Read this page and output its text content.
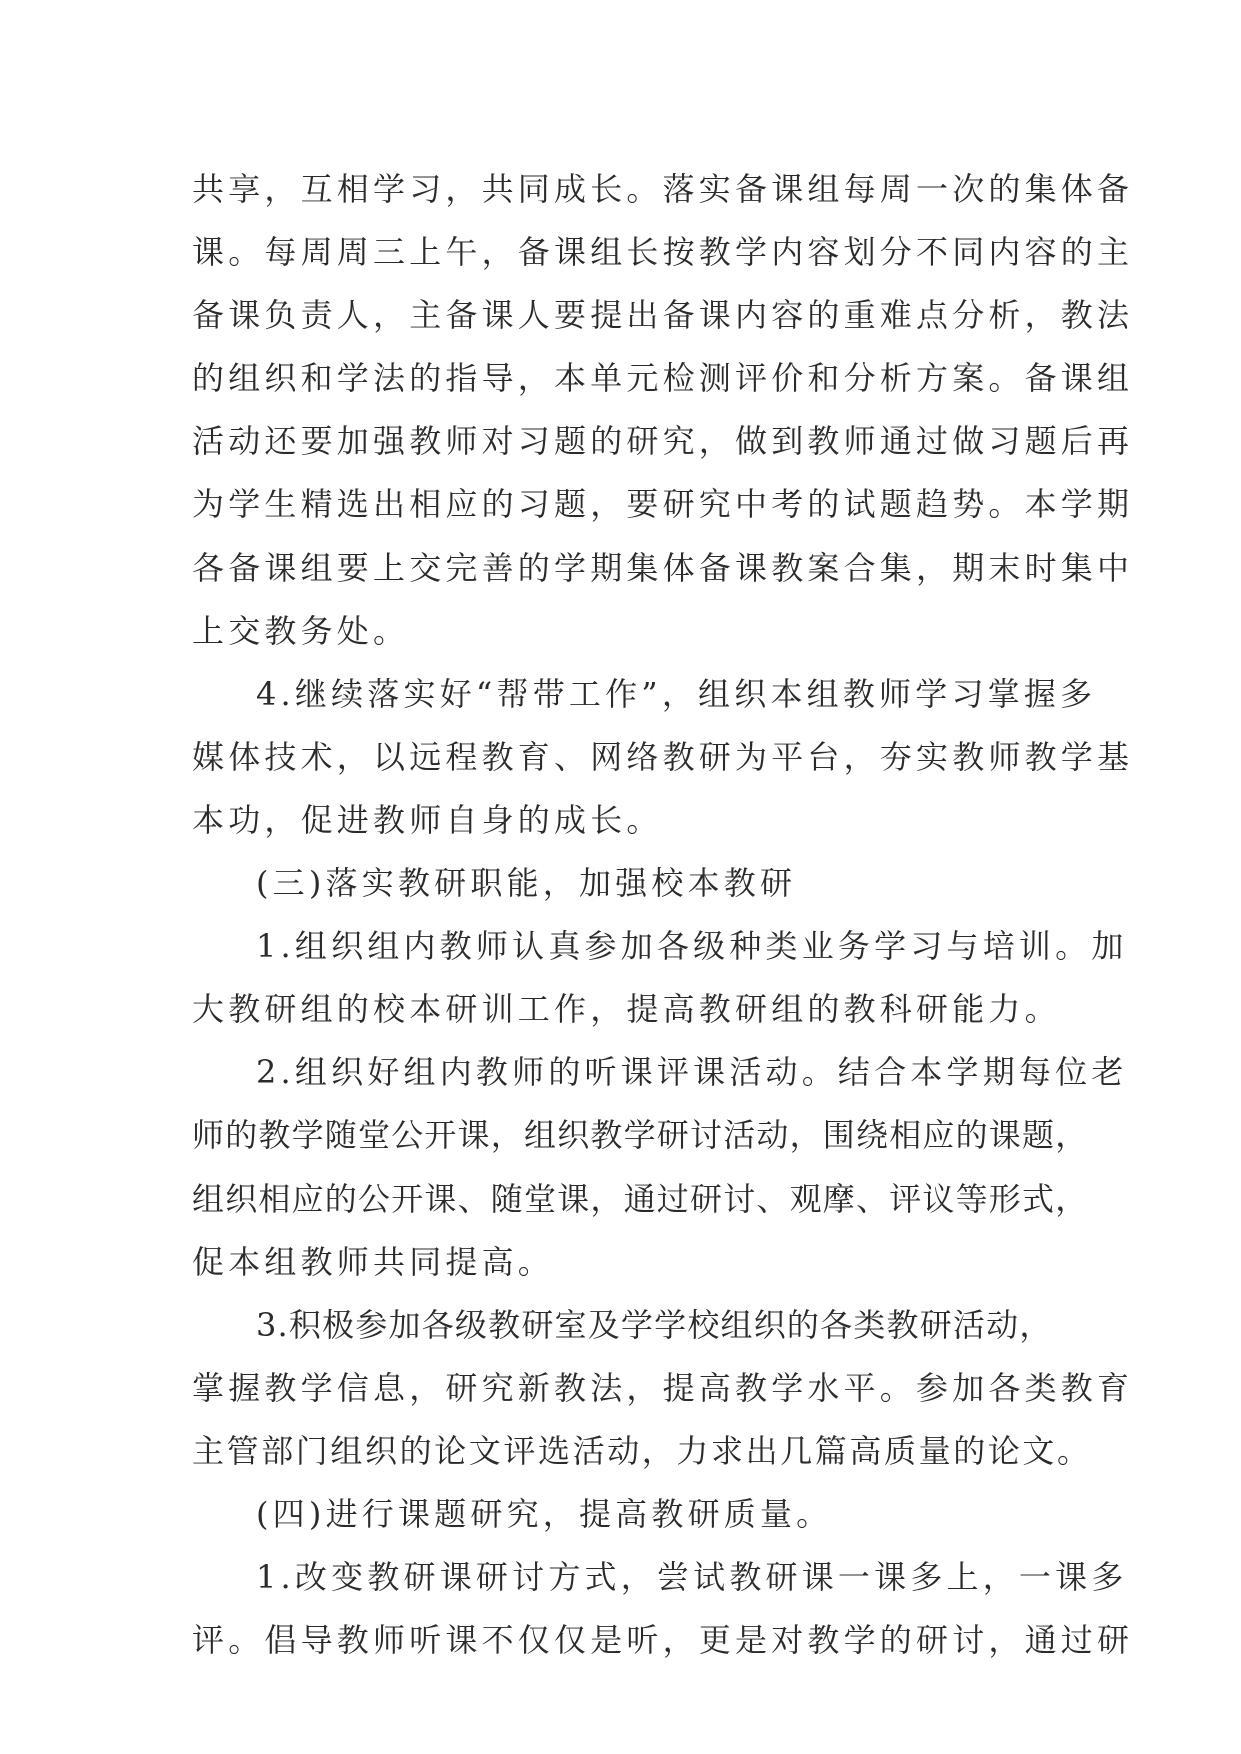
共享，互相学习，共同成长。落实备课组每周一次的集体备
课。每周周三上午，备课组长按教学内容划分不同内容的主
备课负责人，主备课人要提出备课内容的重难点分析，教法
的组织和学法的指导，本单元检测评价和分析方案。备课组
活动还要加强教师对习题的研究，做到教师通过做习题后再
为学生精选出相应的习题，要研究中考的试题趋势。本学期
各备课组要上交完善的学期集体备课教案合集，期末时集中
上交教务处。
4.继续落实好“帮带工作”，组织本组教师学习掌握多
媒体技术，以远程教育、网络教研为平台，夯实教师教学基
本功，促进教师自身的成长。
(三)落实教研职能，加强校本教研
1.组织组内教师认真参加各级种类业务学习与培训。加
大教研组的校本研训工作，提高教研组的教科研能力。
2.组织好组内教师的听课评课活动。结合本学期每位老
师的教学随堂公开课，组织教学研讨活动，围绕相应的课题，
组织相应的公开课、随堂课，通过研讨、观摩、评议等形式，
促本组教师共同提高。
3.积极参加各级教研室及学学校组织的各类教研活动，
掌握教学信息，研究新教法，提高教学水平。参加各类教育
主管部门组织的论文评选活动，力求出几篇高质量的论文。
(四)进行课题研究，提高教研质量。
1.改变教研课研讨方式，尝试教研课一课多上，一课多
评。倡导教师听课不仅仅是听，更是对教学的研讨，通过研
